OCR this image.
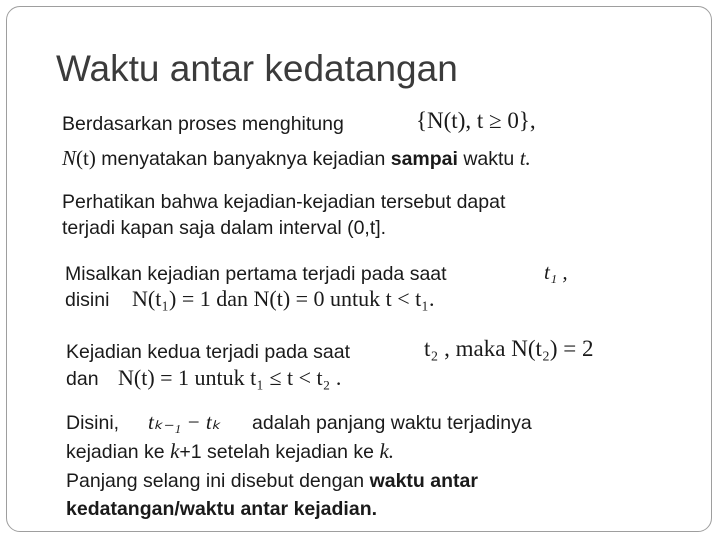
Waktu antar kedatangan
Berdasarkan proses menghitung	{N(t), t ≥ 0},
N(t) menyatakan banyaknya kejadian sampai waktu t.
Perhatikan bahwa kejadian-kejadian tersebut dapat
terjadi kapan saja dalam interval (0,t].
Misalkan kejadian pertama terjadi pada saat	t₁ ,
disini N(t₁) = 1 dan N(t) = 0 untuk t < t₁.
Kejadian kedua terjadi pada saat	t₂ , maka N(t₂) = 2
dan N(t) = 1 untuk t₁ ≤ t < t₂ .
Disini, tₖ₋₁ − tₖ adalah panjang waktu terjadinya
kejadian ke k+1 setelah kejadian ke k.
Panjang selang ini disebut dengan waktu antar
kedatangan/waktu antar kejadian.
